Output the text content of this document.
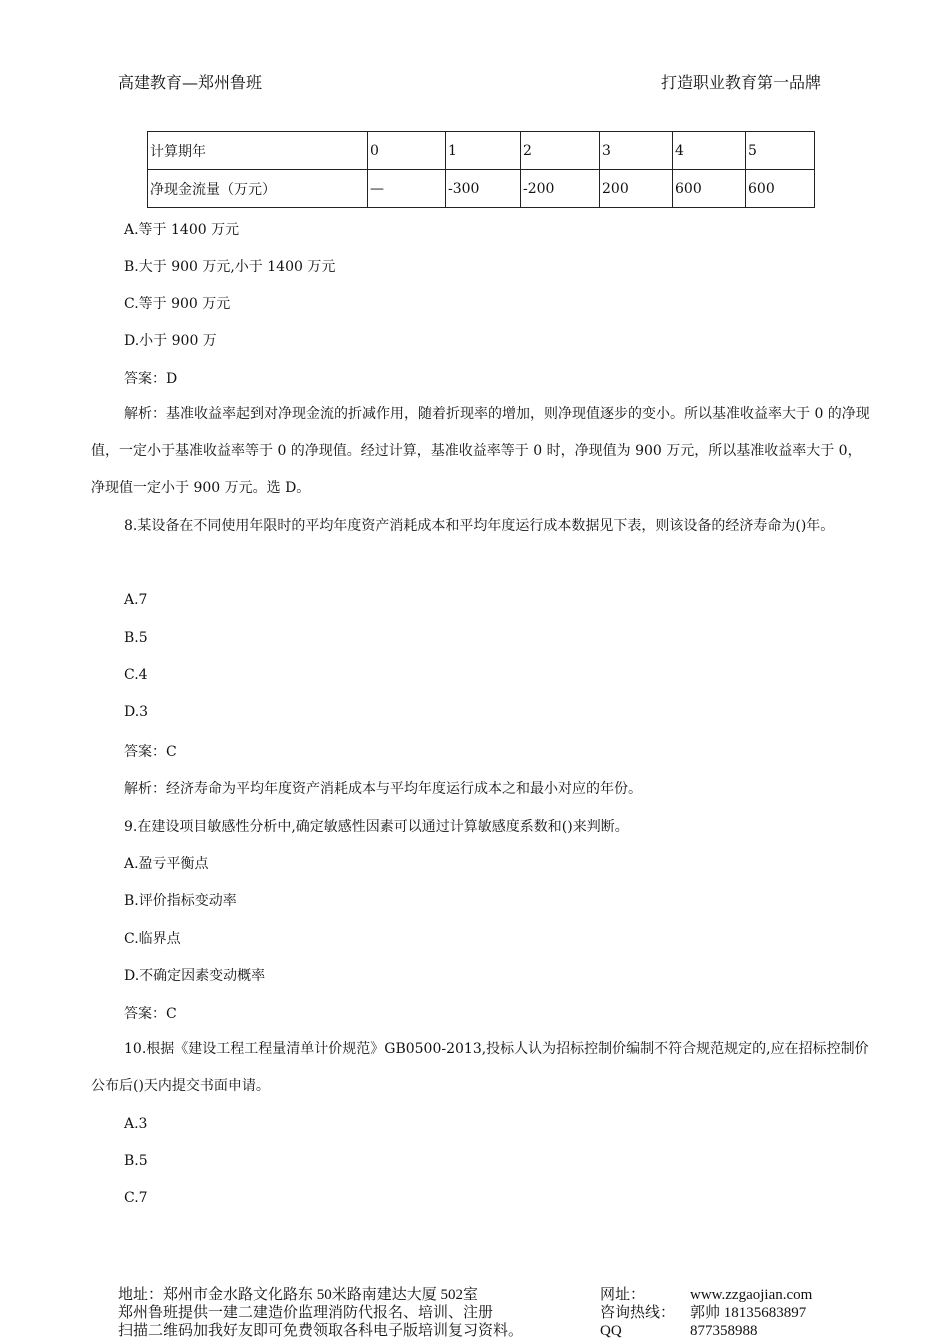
高建教育—郑州鲁班	打造职业教育第一品牌
计算期年	0	1	2	3	4	5
净现金流量（万元）	—	-300	-200	200	600	600
A.等于 1400 万元
B.大于 900 万元,小于 1400 万元
C.等于 900 万元
D.小于 900 万
答案：D
解析：基准收益率起到对净现金流的折减作用，随着折现率的增加，则净现值逐步的变小。所以基准收益率大于 0 的净现值，一定小于基准收益率等于 0 的净现值。经过计算，基准收益率等于 0 时，净现值为 900 万元，所以基准收益率大于 0，净现值一定小于 900 万元。选 D。
8.某设备在不同使用年限时的平均年度资产消耗成本和平均年度运行成本数据见下表，则该设备的经济寿命为()年。
A.7
B.5
C.4
D.3
答案：C
解析：经济寿命为平均年度资产消耗成本与平均年度运行成本之和最小对应的年份。
9.在建设项目敏感性分析中,确定敏感性因素可以通过计算敏感度系数和()来判断。
A.盈亏平衡点
B.评价指标变动率
C.临界点
D.不确定因素变动概率
答案：C
10.根据《建设工程工程量清单计价规范》GB0500-2013,投标人认为招标控制价编制不符合规范规定的,应在招标控制价公布后()天内提交书面申请。
A.3
B.5
C.7
地址：郑州市金水路文化路东 50米路南建达大厦 502室
郑州鲁班提供一建二建造价监理消防代报名、培训、注册
扫描二维码加我好友即可免费领取各科电子版培训复习资料。
网址：	www.zzgaojian.com
咨询热线： 郭帅 18135683897
QQ	877358988
